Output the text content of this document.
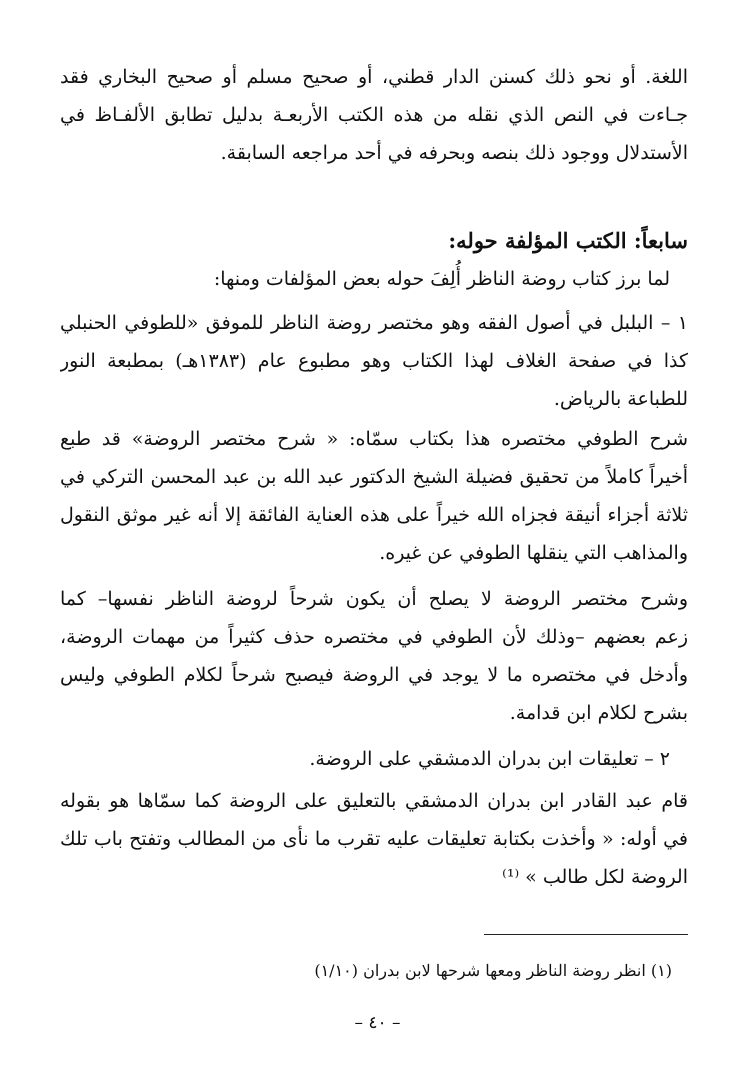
اللغة. أو نحو ذلك كسنن الدار قطني، أو صحيح مسلم أو صحيح البخاري فقد
جـاءت في النص الذي نقله من هذه الكتب الأربعـة بدليل تطابق الألفـاظ في
الأستدلال ووجود ذلك بنصه وبحرفه في أحد مراجعه السابقة.
سابعاً: الكتب المؤلفة حوله:
لما برز كتاب روضة الناظر أُلِفَ حوله بعض المؤلفات ومنها:
١ – البلبل في أصول الفقه وهو مختصر روضة الناظر للموفق «للطوفي الحنبلي
كذا في صفحة الغلاف لهذا الكتاب وهو مطبوع عام (١٣٨٣هـ) بمطبعة النور
للطباعة بالرياض.
شرح الطوفي مختصره هذا بكتاب سمّاه: « شرح مختصر الروضة» قد طبع
أخيراً كاملاً من تحقيق فضيلة الشيخ الدكتور عبد الله بن عبد المحسن التركي في
ثلاثة أجزاء أنيقة فجزاه الله خيراً على هذه العناية الفائقة إلا أنه غير موثق النقول
والمذاهب التي ينقلها الطوفي عن غيره.
وشرح مختصر الروضة لا يصلح أن يكون شرحاً لروضة الناظر نفسها– كما
زعم بعضهم –وذلك لأن الطوفي في مختصره حذف كثيراً من مهمات الروضة،
وأدخل في مختصره ما لا يوجد في الروضة فيصبح شرحاً لكلام الطوفي وليس
بشرح لكلام ابن قدامة.
٢ – تعليقات ابن بدران الدمشقي على الروضة.
قام عبد القادر ابن بدران الدمشقي بالتعليق على الروضة كما سمّاها هو بقوله
في أوله: « وأخذت بكتابة تعليقات عليه تقرب ما نأى من المطالب وتفتح باب تلك
الروضة لكل طالب » ⁽¹⁾
(١) انظر روضة الناظر ومعها شرحها لابن بدران (١/١٠)
– ٤٠ –
